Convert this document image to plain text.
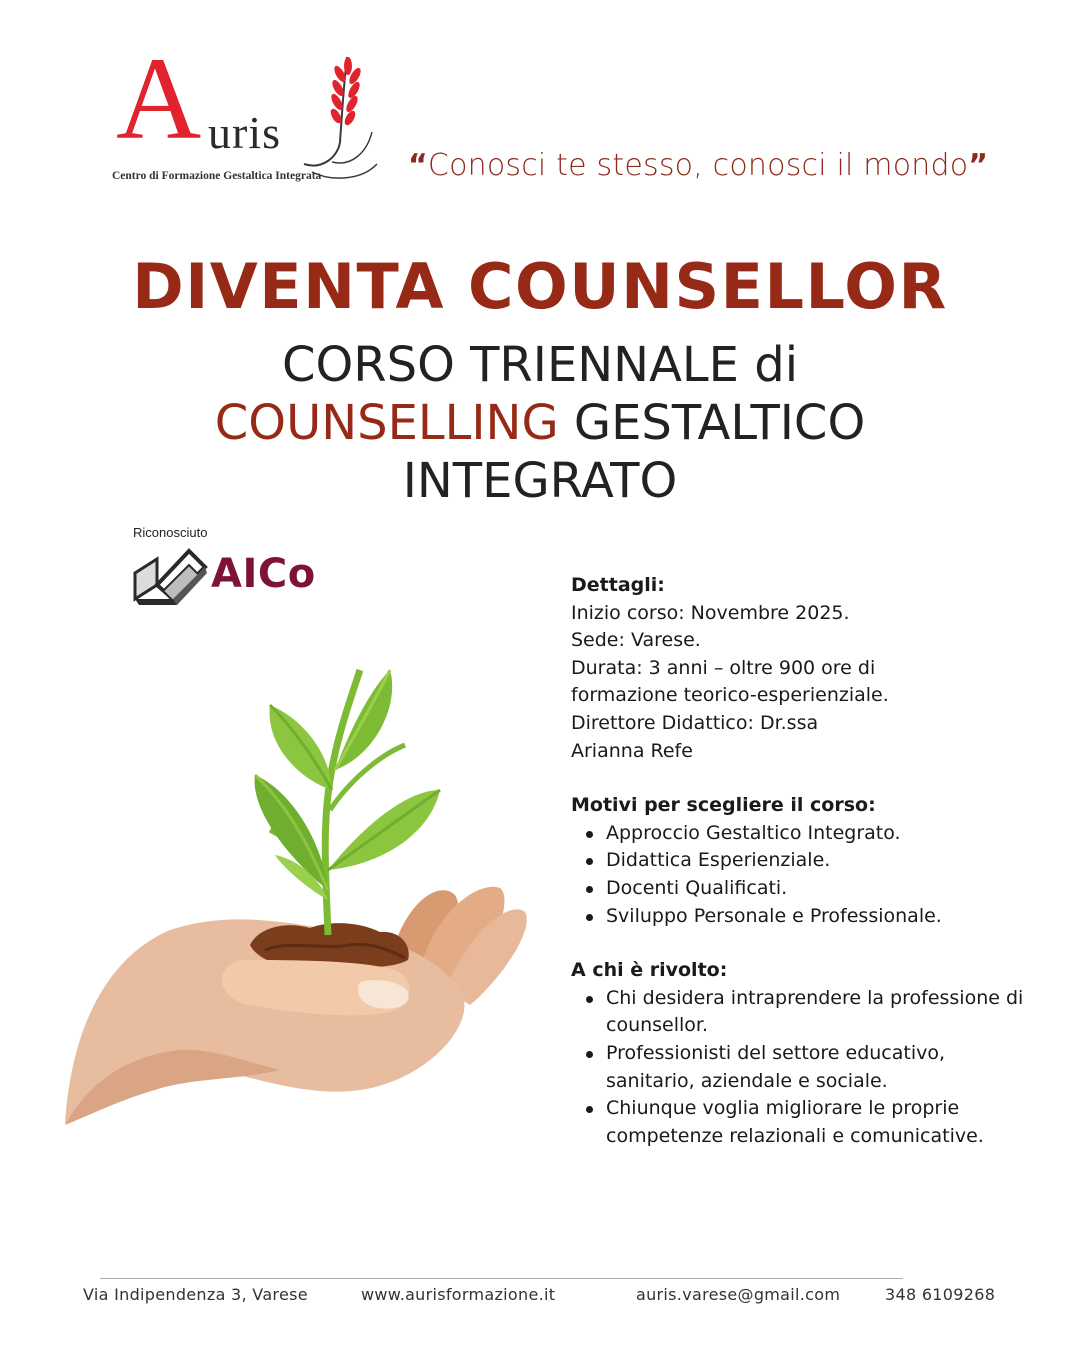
A uris
Centro di Formazione Gestaltica Integrata	“Conosci te stesso, conosci il mondo”
DIVENTA COUNSELLOR
CORSO TRIENNALE di
COUNSELLING GESTALTICO
INTEGRATO
Riconosciuto
AICo	Dettagli:

Inizio corso: Novembre 2025.

Sede: Varese.

Durata: 3 anni – oltre 900 ore di

formazione teorico-esperienziale.

Direttore Didattico: Dr.ssa

Arianna Refe

Motivi per scegliere il corso:
Approccio Gestaltico Integrato.
Didattica Esperienziale.
Docenti Qualificati.
Sviluppo Personale e Professionale.
A chi è rivolto:
Chi desidera intraprendere la professione di counsellor.
Professionisti del settore educativo, sanitario, aziendale e sociale.
Chiunque voglia migliorare le proprie competenze relazionali e comunicative.
Via Indipendenza 3, Varese	www.aurisformazione.it	auris.varese@gmail.com	348 6109268
